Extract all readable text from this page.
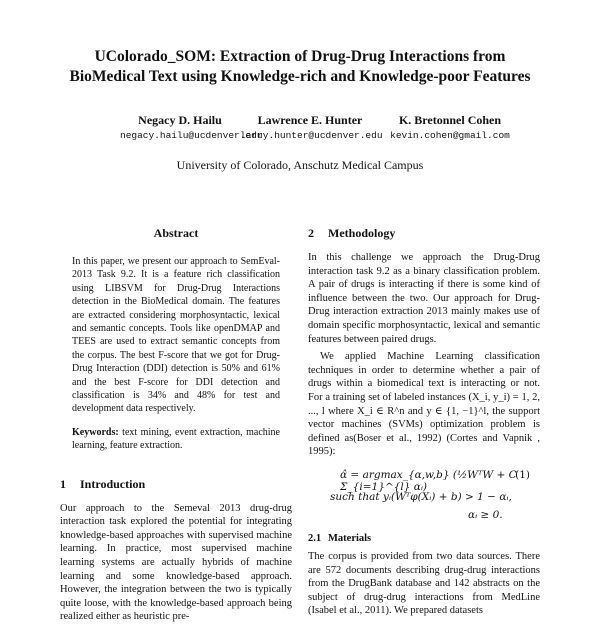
UColorado_SOM: Extraction of Drug-Drug Interactions from BioMedical Text using Knowledge-rich and Knowledge-poor Features
Negacy D. Hailu
negacy.hailu@ucdenver.edu
Lawrence E. Hunter
larry.hunter@ucdenver.edu
K. Bretonnel Cohen
kevin.cohen@gmail.com
University of Colorado, Anschutz Medical Campus
Abstract
In this paper, we present our approach to SemEval-2013 Task 9.2. It is a feature rich classification using LIBSVM for Drug-Drug Interactions detection in the BioMedical domain. The features are extracted considering morphosyntactic, lexical and semantic concepts. Tools like openDMAP and TEES are used to extract semantic concepts from the corpus. The best F-score that we got for Drug-Drug Interaction (DDI) detection is 50% and 61% and the best F-score for DDI detection and classification is 34% and 48% for test and development data respectively.
Keywords: text mining, event extraction, machine learning, feature extraction.
1 Introduction

Our approach to the Semeval 2013 drug-drug interaction task explored the potential for integrating knowledge-based approaches with supervised machine learning. In practice, most supervised machine learning systems are actually hybrids of machine learning and some knowledge-based approach. However, the integration between the two is typically quite loose, with the knowledge-based approach being realized either as heuristic pre-

2 Methodology

In this challenge we approach the Drug-Drug interaction task 9.2 as a binary classification problem. A pair of drugs is interacting if there is some kind of influence between the two. Our approach for Drug-Drug interaction extraction 2013 mainly makes use of domain specific morphosyntactic, lexical and semantic features between paired drugs.

We applied Machine Learning classification techniques in order to determine whether a pair of drugs within a biomedical text is interacting or not. For a training set of labeled instances (X_i, y_i) = 1, 2, ..., l where X_i ∈ R^n and y ∈ {1, −1}^l, the support vector machines (SVMs) optimization problem is defined as(Boser et al., 1992) (Cortes and Vapnik , 1995):

α̂ = argmax_{α,w,b} (½WᵀW + C Σ_{i=1}^{l} αᵢ)
(1)
such that yᵢ(Wᵀφ(Xᵢ) + b) > 1 − αᵢ,
αᵢ ≥ 0.
2.1 Materials

The corpus is provided from two data sources. There are 572 documents describing drug-drug interactions from the DrugBank database and 142 abstracts on the subject of drug-drug interactions from MedLine (Isabel et al., 2011). We prepared datasets
